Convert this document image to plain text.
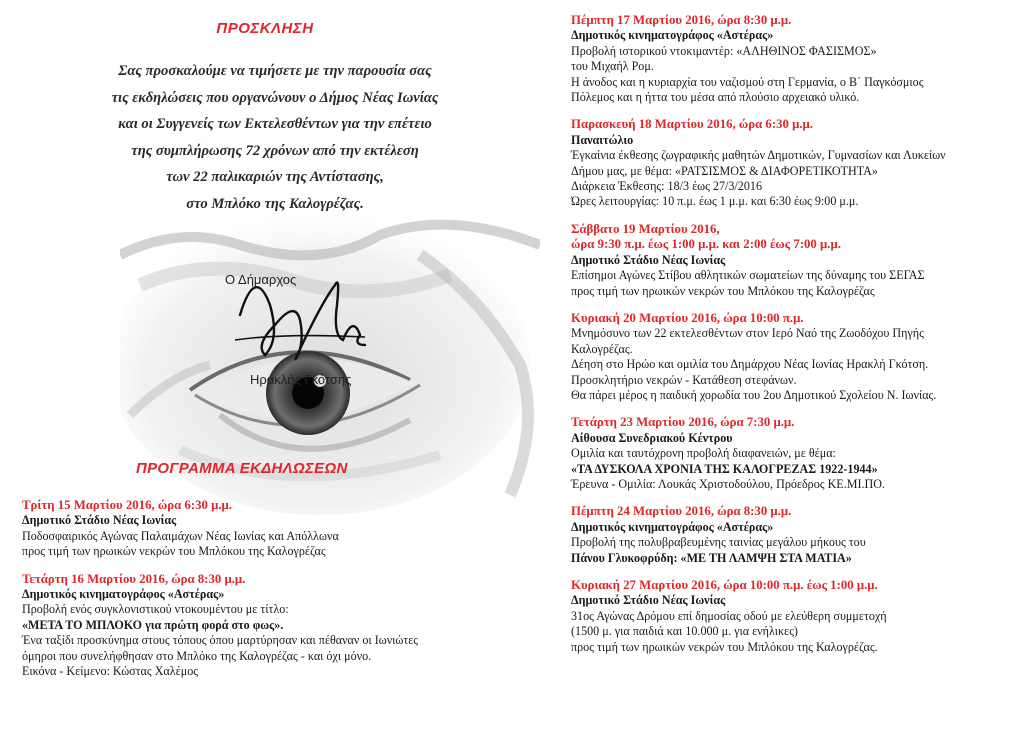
ΠΡΟΣΚΛΗΣΗ
Σας προσκαλούμε να τιμήσετε με την παρουσία σας
τις εκδηλώσεις που οργανώνουν ο Δήμος Νέας Ιωνίας
και οι Συγγενείς των Εκτελεσθέντων για την επέτειο
της συμπλήρωσης 72 χρόνων από την εκτέλεση
των 22 παλικαριών της Αντίστασης,
στο Μπλόκο της Καλογρέζας.
Ο Δήμαρχος
Ηρακλής Γκότσης
ΠΡΟΓΡΑΜΜΑ ΕΚΔΗΛΩΣΕΩΝ
Τρίτη 15 Μαρτίου 2016, ώρα 6:30 μ.μ.
Δημοτικό Στάδιο Νέας Ιωνίας
Ποδοσφαιρικός Αγώνας Παλαιμάχων Νέας Ιωνίας και Απόλλωνα
προς τιμή των ηρωικών νεκρών του Μπλόκου της Καλογρέζας
Τετάρτη 16 Μαρτίου 2016, ώρα 8:30 μ.μ.
Δημοτικός κινηματογράφος «Αστέρας»
Προβολή ενός συγκλονιστικού ντοκουμέντου με τίτλο:
«ΜΕΤΑ ΤΟ ΜΠΛΟΚΟ για πρώτη φορά στο φως».
Ένα ταξίδι προσκύνημα στους τόπους όπου μαρτύρησαν και πέθαναν οι Ιωνιώτες
όμηροι που συνελήφθησαν στο Μπλόκο της Καλογρέζας - και όχι μόνο.
Εικόνα - Κείμενο: Κώστας Χαλέμος
Πέμπτη 17 Μαρτίου 2016, ώρα 8:30 μ.μ.
Δημοτικός κινηματογράφος «Αστέρας»
Προβολή ιστορικού ντοκιμαντέρ: «ΑΛΗΘΙΝΟΣ ΦΑΣΙΣΜΟΣ»
του Μιχαήλ Ρομ.
Η άνοδος και η κυριαρχία του ναζισμού στη Γερμανία, ο Β΄ Παγκόσμιος
Πόλεμος και η ήττα του μέσα από πλούσιο αρχειακό υλικό.
Παρασκευή 18 Μαρτίου 2016, ώρα 6:30 μ.μ.
Παναιτώλιο
Έγκαίνια έκθεσης ζωγραφικής μαθητών Δημοτικών, Γυμνασίων και Λυκείων
Δήμου μας, με θέμα: «ΡΑΤΣΙΣΜΟΣ & ΔΙΑΦΟΡΕΤΙΚΟΤΗΤΑ»
Διάρκεια Έκθεσης: 18/3 έως 27/3/2016
Ώρες λειτουργίας: 10 π.μ. έως 1 μ.μ. και 6:30 έως 9:00 μ.μ.
Σάββατο 19 Μαρτίου 2016,
ώρα 9:30 π.μ. έως 1:00 μ.μ. και 2:00 έως 7:00 μ.μ.
Δημοτικό Στάδιο Νέας Ιωνίας
Επίσημοι Αγώνες Στίβου αθλητικών σωματείων της δύναμης του ΣΕΓΑΣ
προς τιμή των ηρωικών νεκρών του Μπλόκου της Καλογρέζας
Κυριακή 20 Μαρτίου 2016, ώρα 10:00 π.μ.
Μνημόσυνο των 22 εκτελεσθέντων στον Ιερό Ναό της Ζωοδόχου Πηγής
Καλογρέζας.
Δέηση στο Ηρώο και ομιλία του Δημάρχου Νέας Ιωνίας Ηρακλή Γκότση.
Προσκλητήριο νεκρών - Κατάθεση στεφάνων.
Θα πάρει μέρος η παιδική χορωδία του 2ου Δημοτικού Σχολείου Ν. Ιωνίας.
Τετάρτη 23 Μαρτίου 2016, ώρα 7:30 μ.μ.
Αίθουσα Συνεδριακού Κέντρου
Ομιλία και ταυτόχρονη προβολή διαφανειών, με θέμα:
«ΤΑ ΔΥΣΚΟΛΑ ΧΡΟΝΙΑ ΤΗΣ ΚΑΛΟΓΡΕΖΑΣ 1922-1944»
Έρευνα - Ομιλία: Λουκάς Χριστοδούλου, Πρόεδρος ΚΕ.ΜΙ.ΠΟ.
Πέμπτη 24 Μαρτίου 2016, ώρα 8:30 μ.μ.
Δημοτικός κινηματογράφος «Αστέρας»
Προβολή της πολυβραβευμένης ταινίας μεγάλου μήκους του
Πάνου Γλυκοφρύδη: «ΜΕ ΤΗ ΛΑΜΨΗ ΣΤΑ ΜΑΤΙΑ»
Κυριακή 27 Μαρτίου 2016, ώρα 10:00 π.μ. έως 1:00 μ.μ.
Δημοτικό Στάδιο Νέας Ιωνίας
31ος Αγώνας Δρόμου επί δημοσίας οδού με ελεύθερη συμμετοχή
(1500 μ. για παιδιά και 10.000 μ. για ενήλικες)
προς τιμή των ηρωικών νεκρών του Μπλόκου της Καλογρέζας.
